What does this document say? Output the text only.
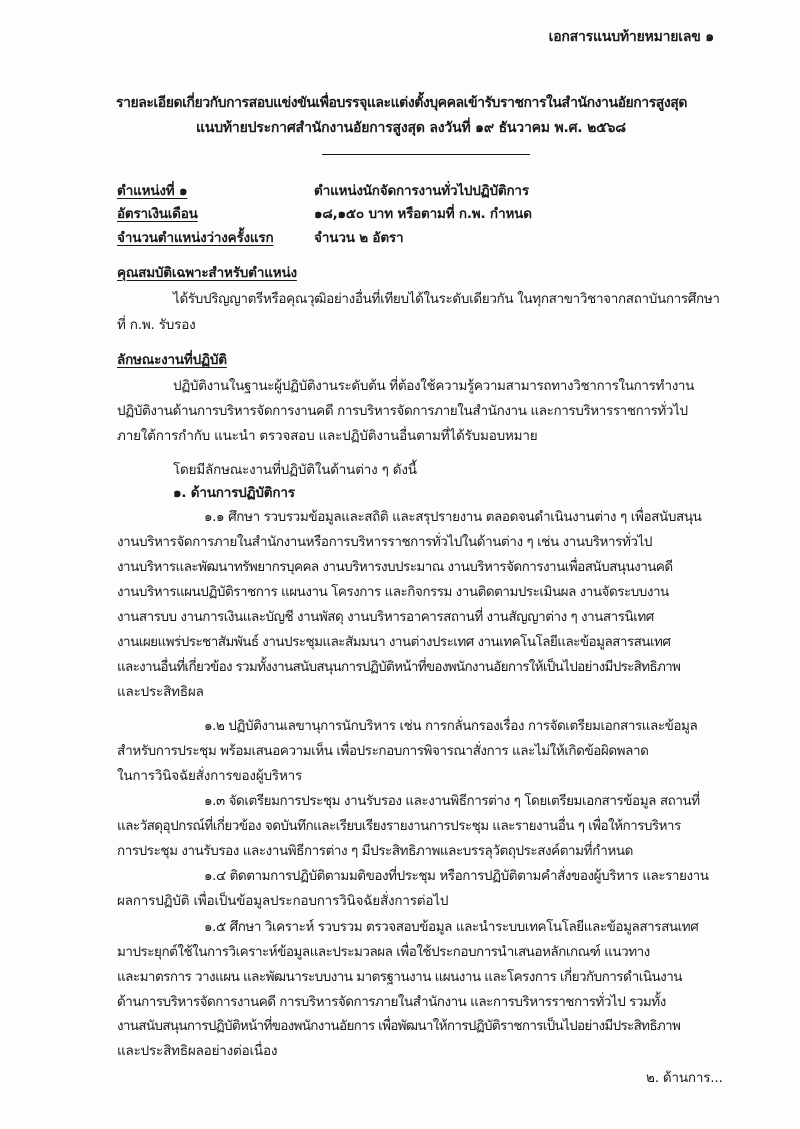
เอกสารแนบท้ายหมายเลข ๑
รายละเอียดเกี่ยวกับการสอบแข่งขันเพื่อบรรจุและแต่งตั้งบุคคลเข้ารับราชการในสำนักงานอัยการสูงสุด
แนบท้ายประกาศสำนักงานอัยการสูงสุด ลงวันที่ ๑๙ ธันวาคม พ.ศ. ๒๕๖๘
ตำแหน่งที่ ๑	ตำแหน่งนักจัดการงานทั่วไปปฏิบัติการ
อัตราเงินเดือน	๑๘,๑๕๐ บาท หรือตามที่ ก.พ. กำหนด
จำนวนตำแหน่งว่างครั้งแรก	จำนวน ๒ อัตรา
คุณสมบัติเฉพาะสำหรับตำแหน่ง
ได้รับปริญญาตรีหรือคุณวุฒิอย่างอื่นที่เทียบได้ในระดับเดียวกัน ในทุกสาขาวิชาจากสถาบันการศึกษา
ที่ ก.พ. รับรอง
ลักษณะงานที่ปฏิบัติ
ปฏิบัติงานในฐานะผู้ปฏิบัติงานระดับต้น ที่ต้องใช้ความรู้ความสามารถทางวิชาการในการทำงาน
ปฏิบัติงานด้านการบริหารจัดการงานคดี การบริหารจัดการภายในสำนักงาน และการบริหารราชการทั่วไป
ภายใต้การกำกับ แนะนำ ตรวจสอบ และปฏิบัติงานอื่นตามที่ได้รับมอบหมาย
โดยมีลักษณะงานที่ปฏิบัติในด้านต่าง ๆ ดังนี้
๑. ด้านการปฏิบัติการ
๑.๑ ศึกษา รวบรวมข้อมูลและสถิติ และสรุปรายงาน ตลอดจนดำเนินงานต่าง ๆ เพื่อสนับสนุน
งานบริหารจัดการภายในสำนักงานหรือการบริหารราชการทั่วไปในด้านต่าง ๆ เช่น งานบริหารทั่วไป
งานบริหารและพัฒนาทรัพยากรบุคคล งานบริหารงบประมาณ งานบริหารจัดการงานเพื่อสนับสนุนงานคดี
งานบริหารแผนปฏิบัติราชการ แผนงาน โครงการ และกิจกรรม งานติดตามประเมินผล งานจัดระบบงาน
งานสารบบ งานการเงินและบัญชี งานพัสดุ งานบริหารอาคารสถานที่ งานสัญญาต่าง ๆ งานสารนิเทศ
งานเผยแพร่ประชาสัมพันธ์ งานประชุมและสัมมนา งานต่างประเทศ งานเทคโนโลยีและข้อมูลสารสนเทศ
และงานอื่นที่เกี่ยวข้อง รวมทั้งงานสนับสนุนการปฏิบัติหน้าที่ของพนักงานอัยการให้เป็นไปอย่างมีประสิทธิภาพ
และประสิทธิผล
๑.๒ ปฏิบัติงานเลขานุการนักบริหาร เช่น การกลั่นกรองเรื่อง การจัดเตรียมเอกสารและข้อมูล
สำหรับการประชุม พร้อมเสนอความเห็น เพื่อประกอบการพิจารณาสั่งการ และไม่ให้เกิดข้อผิดพลาด
ในการวินิจฉัยสั่งการของผู้บริหาร
๑.๓ จัดเตรียมการประชุม งานรับรอง และงานพิธีการต่าง ๆ โดยเตรียมเอกสารข้อมูล สถานที่
และวัสดุอุปกรณ์ที่เกี่ยวข้อง จดบันทึกและเรียบเรียงรายงานการประชุม และรายงานอื่น ๆ เพื่อให้การบริหาร
การประชุม งานรับรอง และงานพิธีการต่าง ๆ มีประสิทธิภาพและบรรลุวัตถุประสงค์ตามที่กำหนด
๑.๔ ติดตามการปฏิบัติตามมติของที่ประชุม หรือการปฏิบัติตามคำสั่งของผู้บริหาร และรายงาน
ผลการปฏิบัติ เพื่อเป็นข้อมูลประกอบการวินิจฉัยสั่งการต่อไป
๑.๕ ศึกษา วิเคราะห์ รวบรวม ตรวจสอบข้อมูล และนำระบบเทคโนโลยีและข้อมูลสารสนเทศ
มาประยุกต์ใช้ในการวิเคราะห์ข้อมูลและประมวลผล เพื่อใช้ประกอบการนำเสนอหลักเกณฑ์ แนวทาง
และมาตรการ วางแผน และพัฒนาระบบงาน มาตรฐานงาน แผนงาน และโครงการ เกี่ยวกับการดำเนินงาน
ด้านการบริหารจัดการงานคดี การบริหารจัดการภายในสำนักงาน และการบริหารราชการทั่วไป รวมทั้ง
งานสนับสนุนการปฏิบัติหน้าที่ของพนักงานอัยการ เพื่อพัฒนาให้การปฏิบัติราชการเป็นไปอย่างมีประสิทธิภาพ
และประสิทธิผลอย่างต่อเนื่อง
๒. ด้านการ...
